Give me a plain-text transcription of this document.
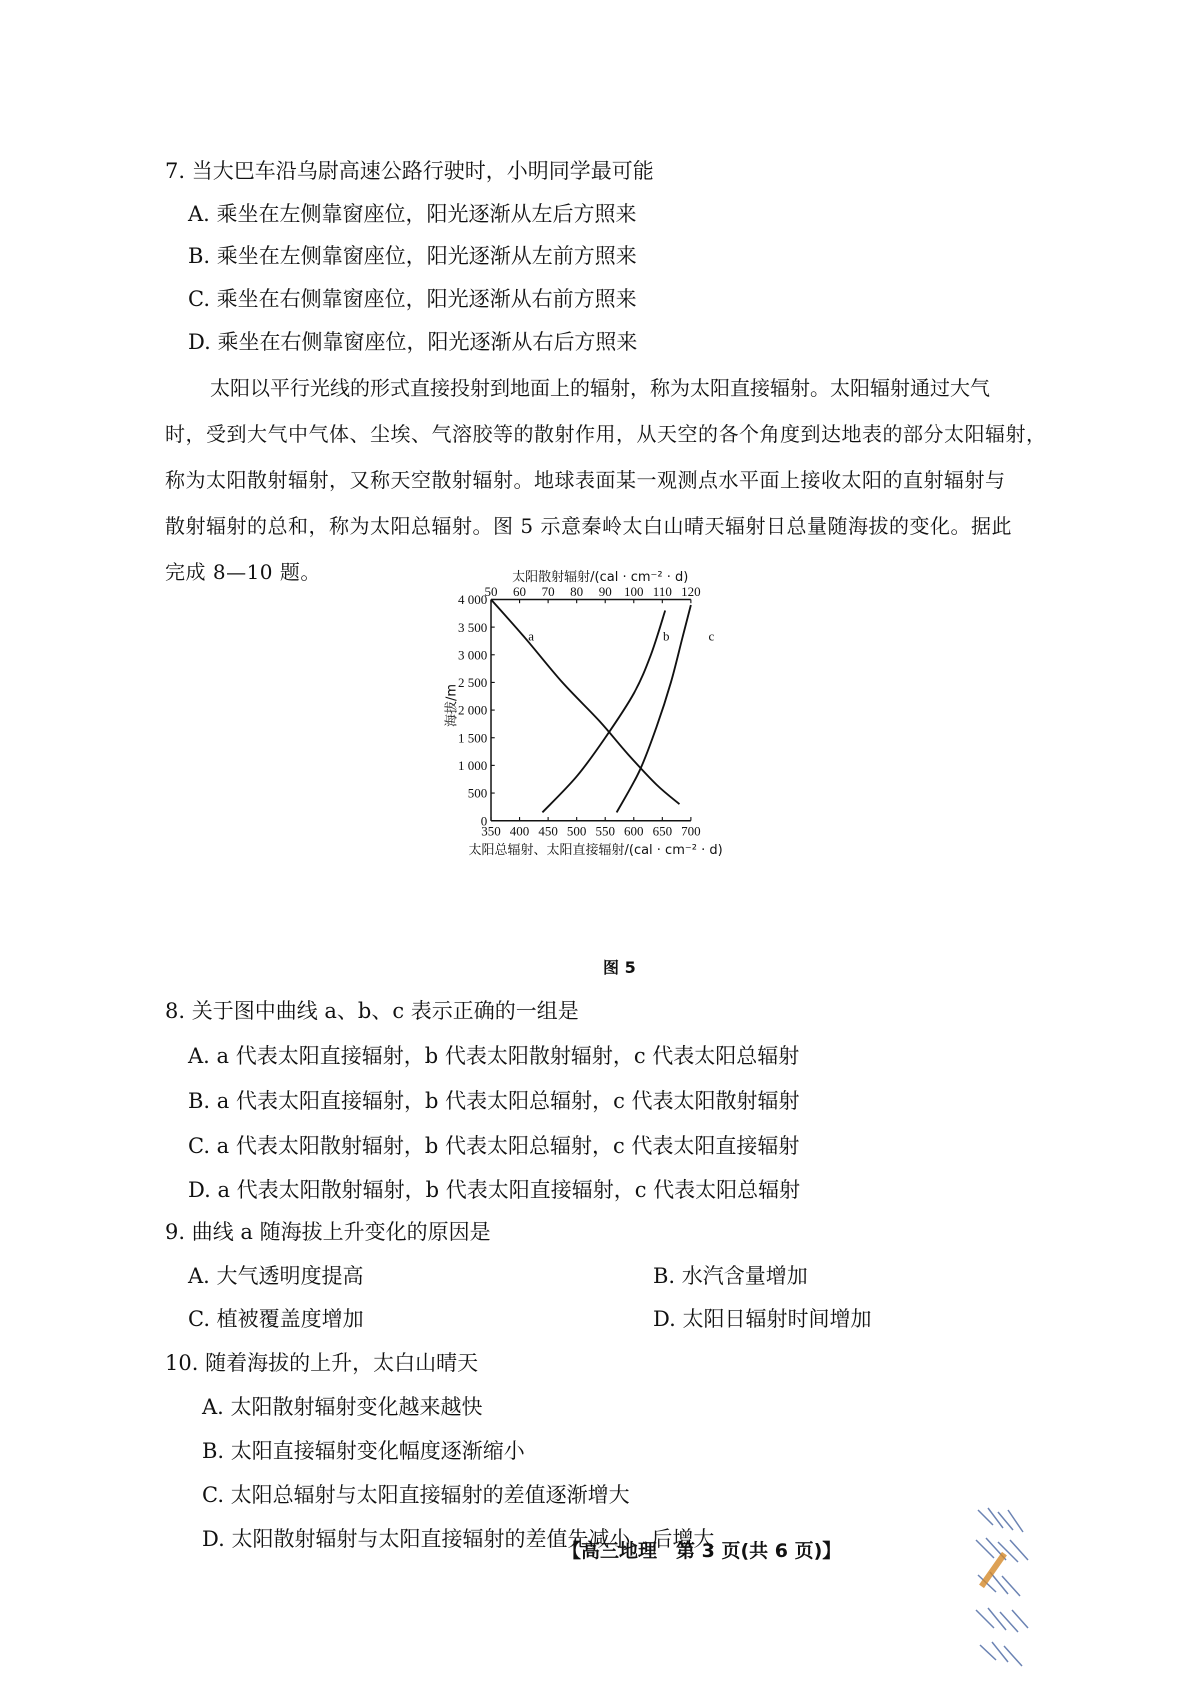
7. 当大巴车沿乌尉高速公路行驶时，小明同学最可能
A. 乘坐在左侧靠窗座位，阳光逐渐从左后方照来
B. 乘坐在左侧靠窗座位，阳光逐渐从左前方照来
C. 乘坐在右侧靠窗座位，阳光逐渐从右前方照来
D. 乘坐在右侧靠窗座位，阳光逐渐从右后方照来
太阳以平行光线的形式直接投射到地面上的辐射，称为太阳直接辐射。太阳辐射通过大气
时，受到大气中气体、尘埃、气溶胶等的散射作用，从天空的各个角度到达地表的部分太阳辐射，
称为太阳散射辐射，又称天空散射辐射。地球表面某一观测点水平面上接收太阳的直射辐射与
散射辐射的总和，称为太阳总辐射。图 5 示意秦岭太白山晴天辐射日总量随海拔的变化。据此
完成 8—10 题。
0
500
1 000
1 500
2 000
2 500
3 000
3 500
4 000
50 60 70 80 90 100 110 120
350 400 450 500 550 600 650 700
太阳散射辐射/(cal · cm⁻² · d)
太阳总辐射、太阳直接辐射/(cal · cm⁻² · d)
海拔/m
a	b	c
图 5
8. 关于图中曲线 a、b、c 表示正确的一组是
A. a 代表太阳直接辐射，b 代表太阳散射辐射，c 代表太阳总辐射
B. a 代表太阳直接辐射，b 代表太阳总辐射，c 代表太阳散射辐射
C. a 代表太阳散射辐射，b 代表太阳总辐射，c 代表太阳直接辐射
D. a 代表太阳散射辐射，b 代表太阳直接辐射，c 代表太阳总辐射
9. 曲线 a 随海拔上升变化的原因是
A. 大气透明度提高	B. 水汽含量增加
C. 植被覆盖度增加	D. 太阳日辐射时间增加
10. 随着海拔的上升，太白山晴天
A. 太阳散射辐射变化越来越快
B. 太阳直接辐射变化幅度逐渐缩小
C. 太阳总辐射与太阳直接辐射的差值逐渐增大
D. 太阳散射辐射与太阳直接辐射的差值先减小、后增大
【高三地理　第 3 页(共 6 页)】
